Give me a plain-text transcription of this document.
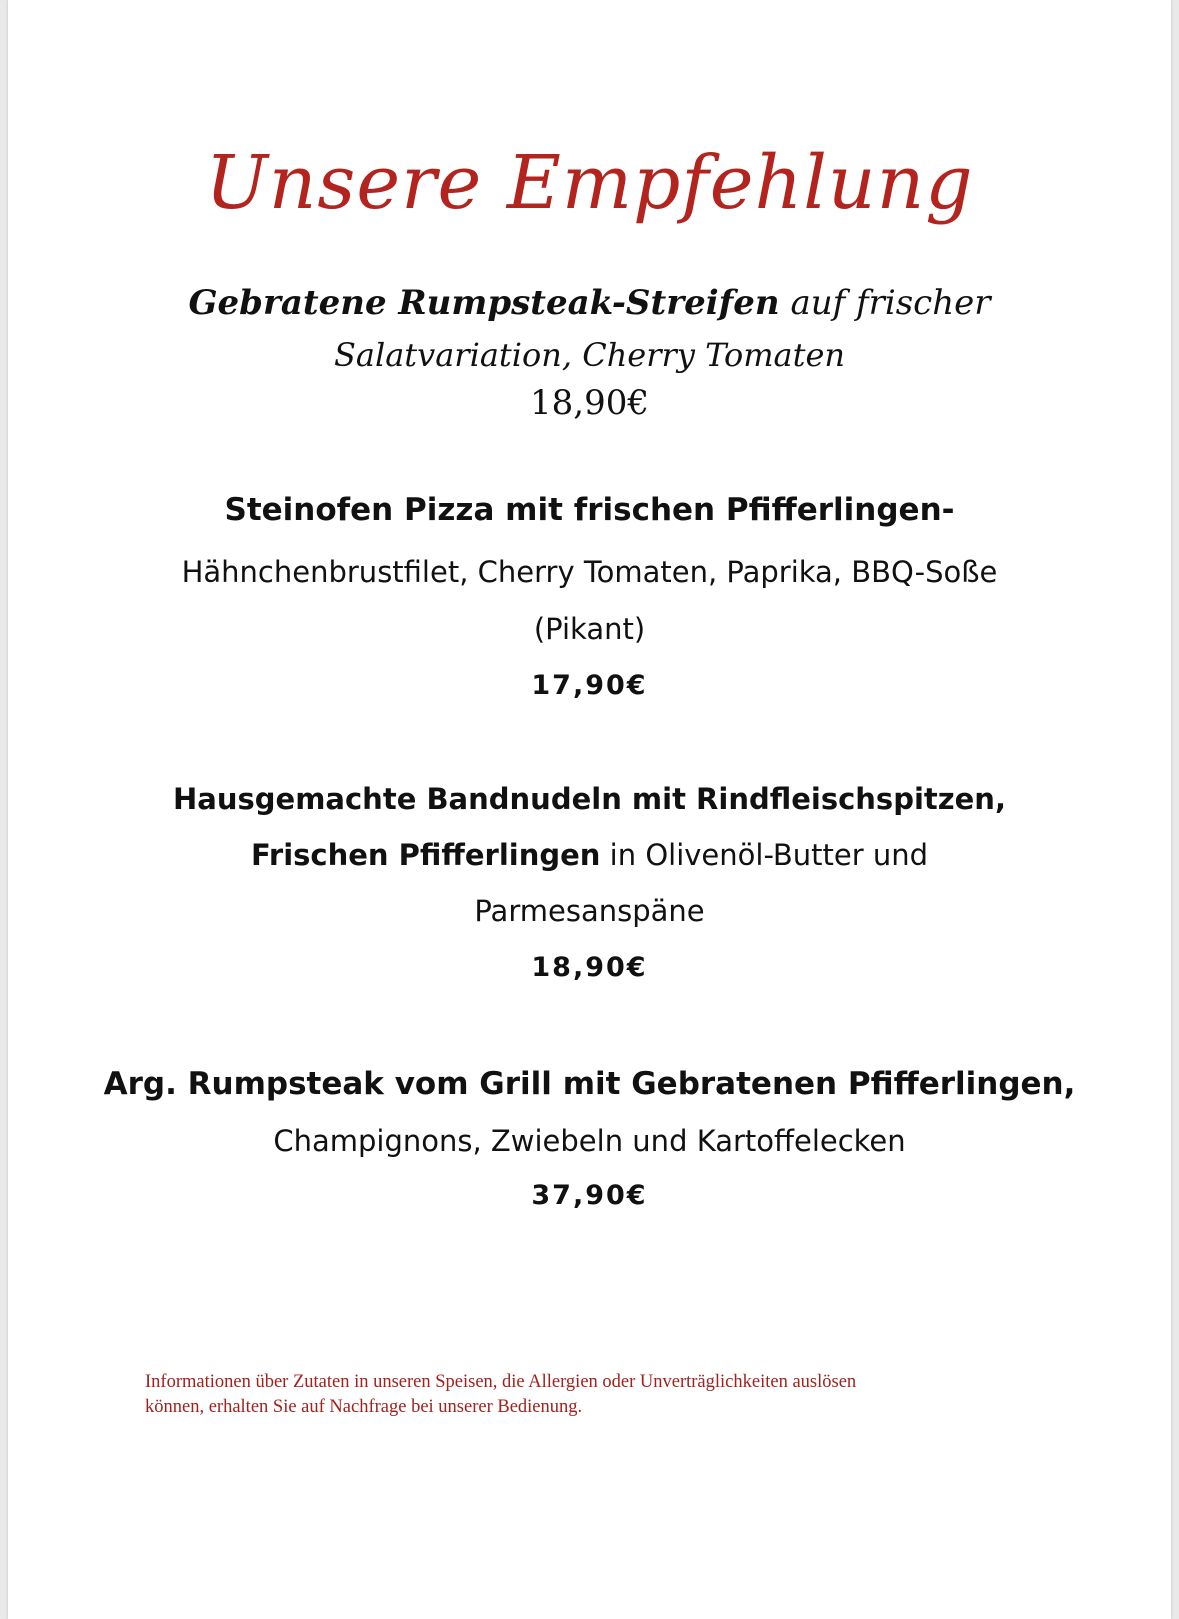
Unsere Empfehlung
Gebratene Rumpsteak-Streifen auf frischer
Salatvariation, Cherry Tomaten
18,90€
Steinofen Pizza mit frischen Pfifferlingen-
Hähnchenbrustfilet, Cherry Tomaten, Paprika, BBQ-Soße
(Pikant)
17,90€
Hausgemachte Bandnudeln mit Rindfleischspitzen,
Frischen Pfifferlingen in Olivenöl-Butter und
Parmesanspäne
18,90€
Arg. Rumpsteak vom Grill mit Gebratenen Pfifferlingen,
Champignons, Zwiebeln und Kartoffelecken
37,90€
Informationen über Zutaten in unseren Speisen, die Allergien oder Unverträglichkeiten auslösen
können, erhalten Sie auf Nachfrage bei unserer Bedienung.
